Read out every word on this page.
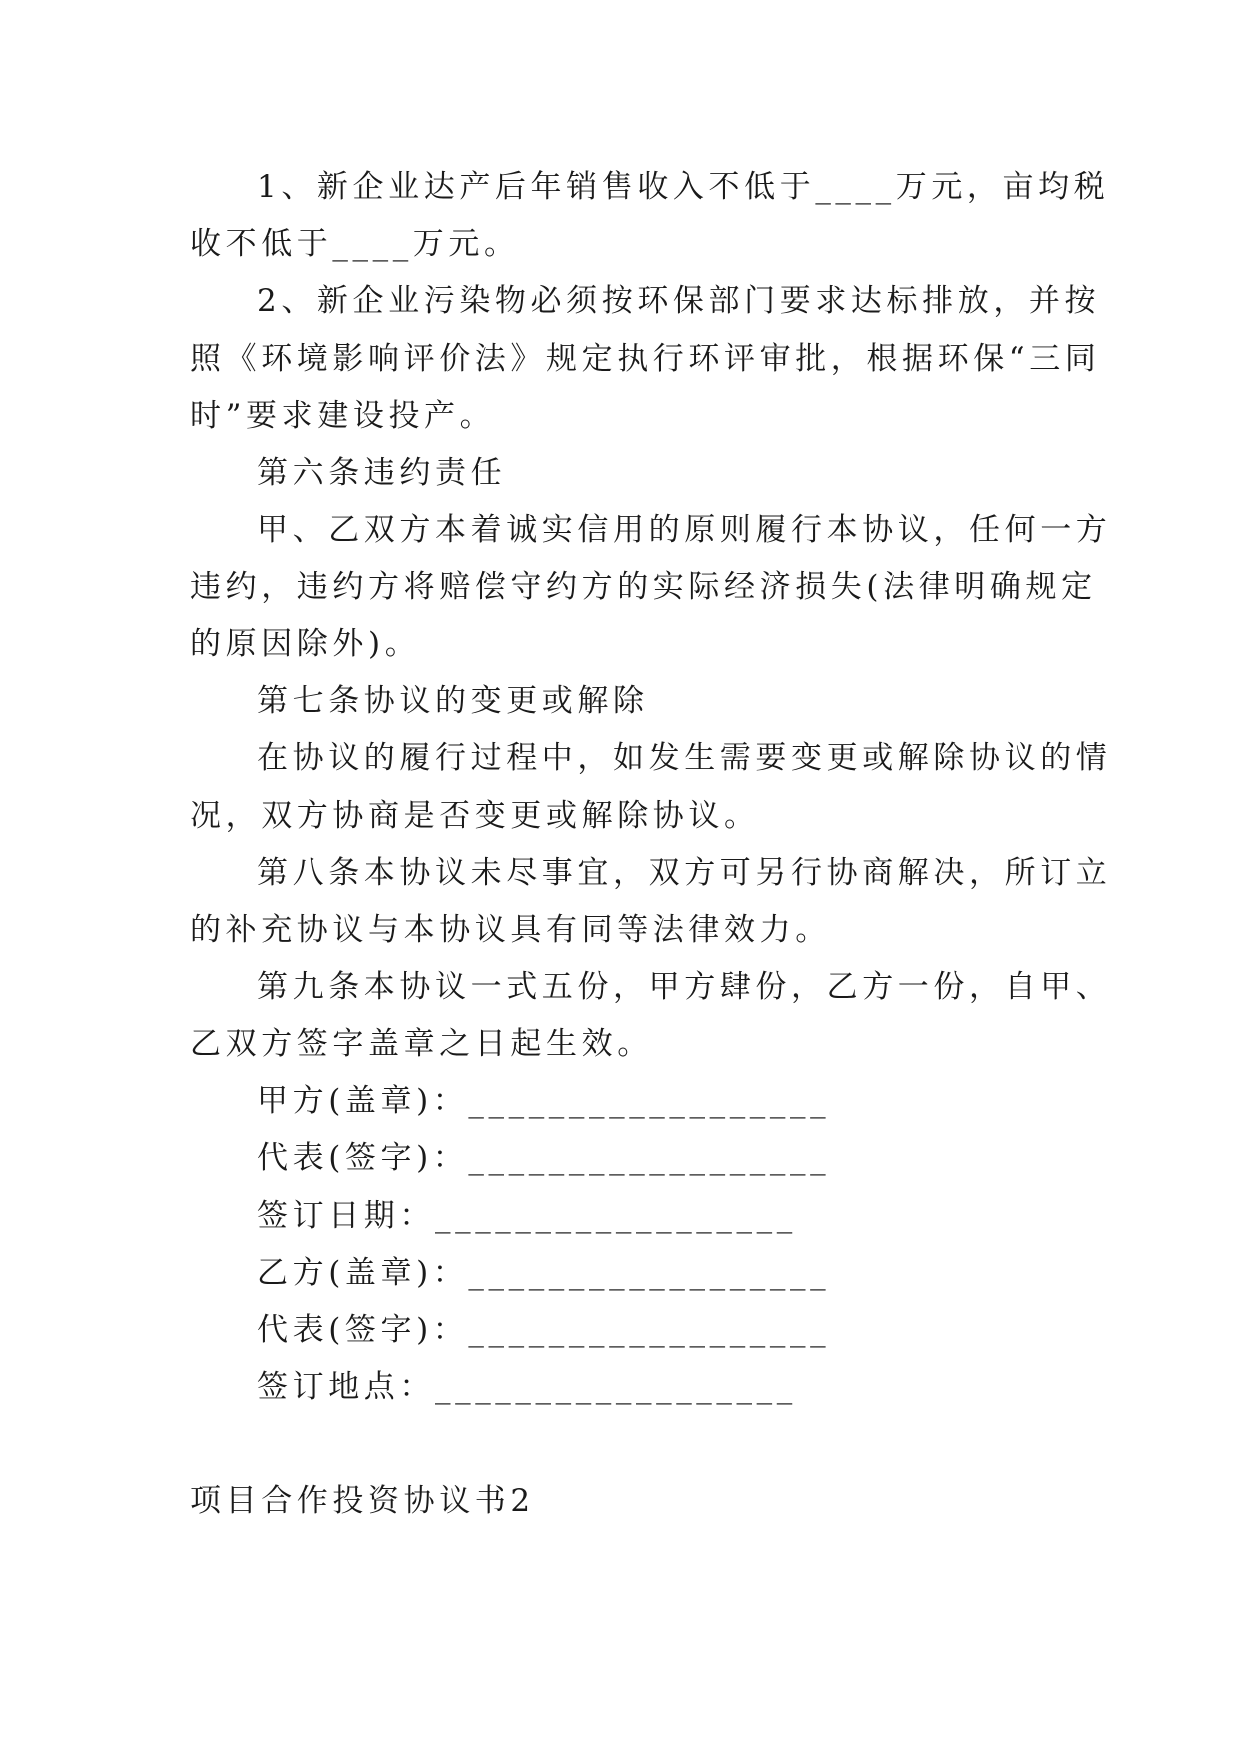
1、新企业达产后年销售收入不低于____万元，亩均税
收不低于____万元。
2、新企业污染物必须按环保部门要求达标排放，并按
照《环境影响评价法》规定执行环评审批，根据环保“三同
时”要求建设投产。
第六条违约责任
甲、乙双方本着诚实信用的原则履行本协议，任何一方
违约，违约方将赔偿守约方的实际经济损失(法律明确规定
的原因除外)。
第七条协议的变更或解除
在协议的履行过程中，如发生需要变更或解除协议的情
况，双方协商是否变更或解除协议。
第八条本协议未尽事宜，双方可另行协商解决，所订立
的补充协议与本协议具有同等法律效力。
第九条本协议一式五份，甲方肆份，乙方一份，自甲、
乙双方签字盖章之日起生效。
甲方(盖章)：__________________
代表(签字)：__________________
签订日期：__________________
乙方(盖章)：__________________
代表(签字)：__________________
签订地点：__________________
项目合作投资协议书2
